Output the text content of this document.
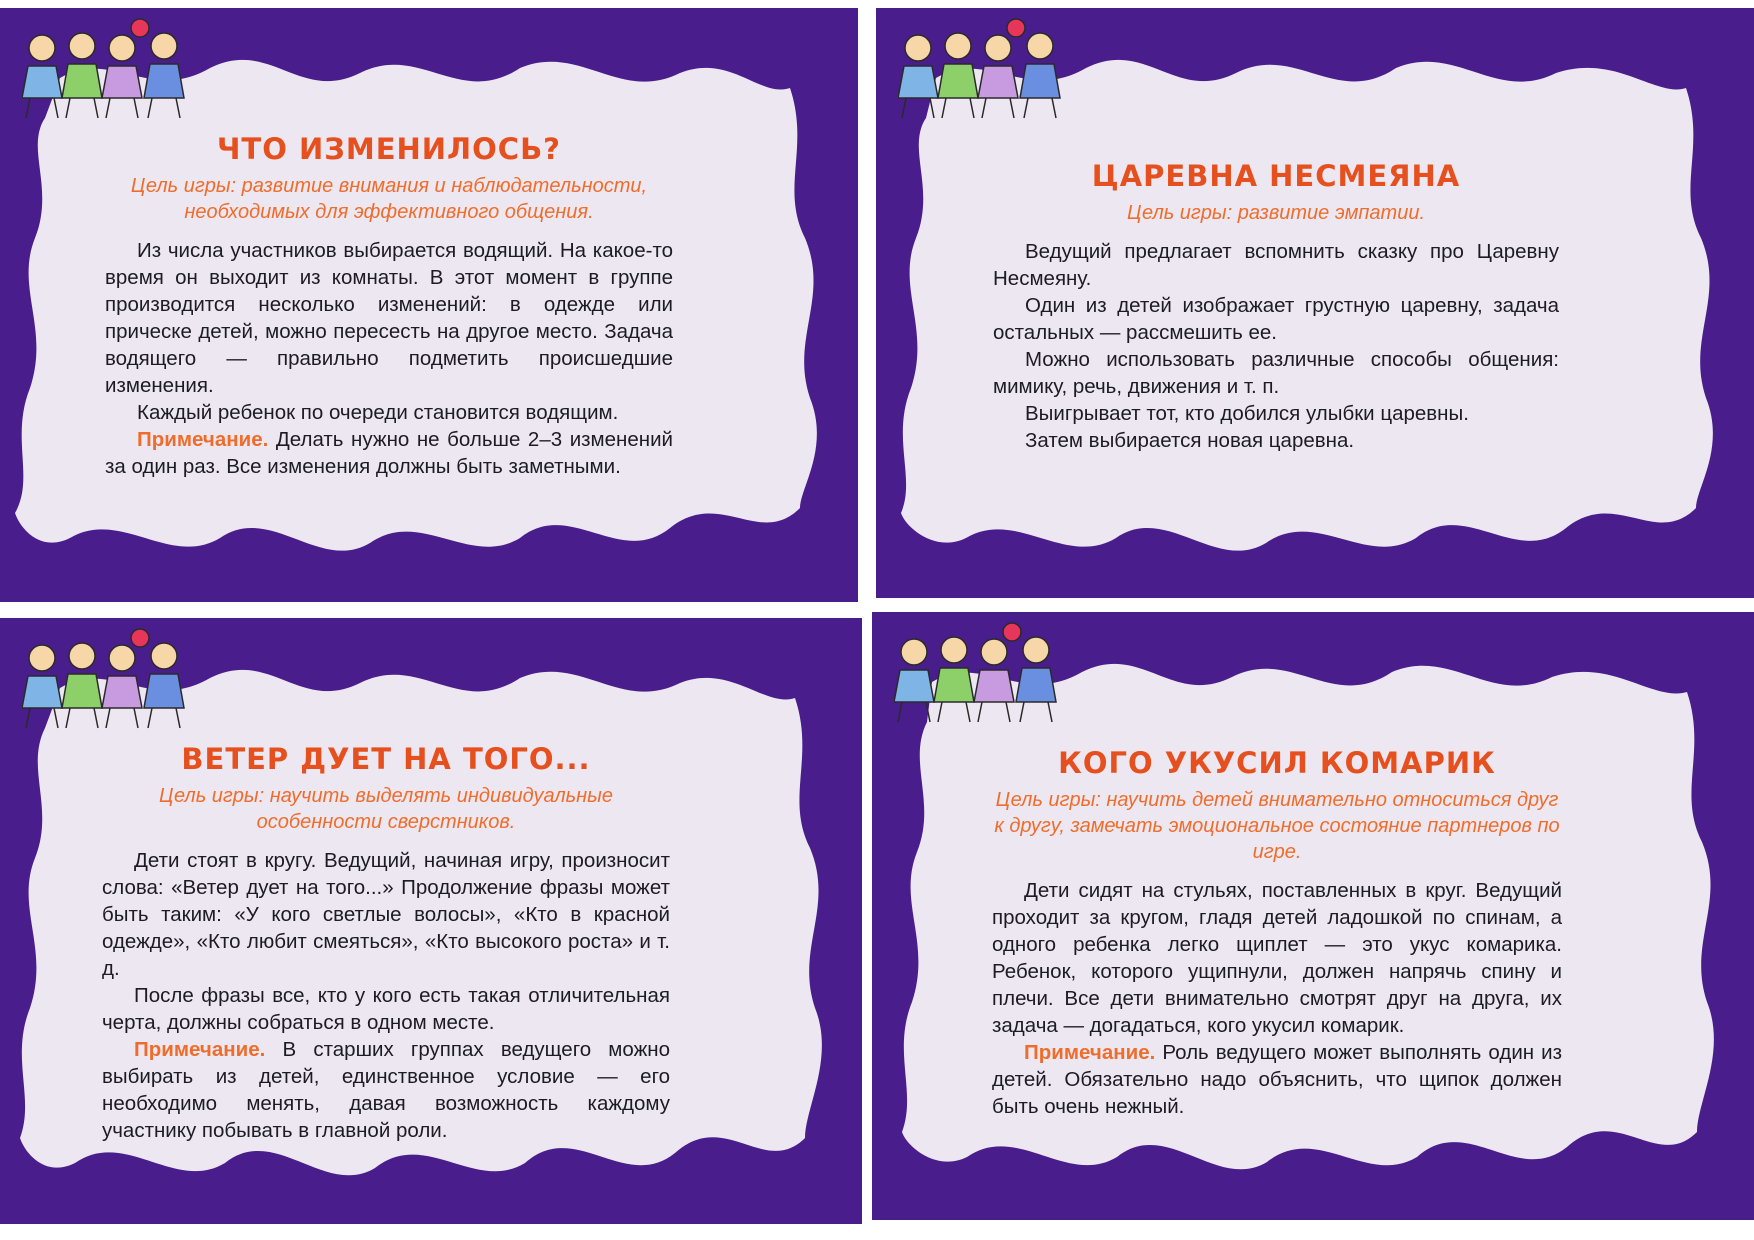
ЧТО ИЗМЕНИЛОСЬ?
Цель игры: развитие внимания и наблюдательности, необходимых для эффективного общения.

Из числа участников выбирается водящий. На какое-то время он выходит из комнаты. В этот момент в группе производится несколько изменений: в одежде или прическе детей, можно пересесть на другое место. Задача водящего — правильно подметить происшедшие изменения.

Каждый ребенок по очереди становится водящим.

Примечание. Делать нужно не больше 2–3 изменений за один раз. Все изменения должны быть заметными.

ЦАРЕВНА НЕСМЕЯНА
Цель игры: развитие эмпатии.

Ведущий предлагает вспомнить сказку про Царевну Несмеяну.

Один из детей изображает грустную царевну, задача остальных — рассмешить ее.

Можно использовать различные способы общения: мимику, речь, движения и т. п.

Выигрывает тот, кто добился улыбки царевны.

Затем выбирается новая царевна.

ВЕТЕР ДУЕТ НА ТОГО...
Цель игры: научить выделять индивидуальные особенности сверстников.

Дети стоят в кругу. Ведущий, начиная игру, произносит слова: «Ветер дует на того...» Продолжение фразы может быть таким: «У кого светлые волосы», «Кто в красной одежде», «Кто любит смеяться», «Кто высокого роста» и т. д.

После фразы все, кто у кого есть такая отличительная черта, должны собраться в одном месте.

Примечание. В старших группах ведущего можно выбирать из детей, единственное условие — его необходимо менять, давая возможность каждому участнику побывать в главной роли.

КОГО УКУСИЛ КОМАРИК
Цель игры: научить детей внимательно относиться друг к другу, замечать эмоциональное состояние партнеров по игре.

Дети сидят на стульях, поставленных в круг. Ведущий проходит за кругом, гладя детей ладошкой по спинам, а одного ребенка легко щиплет — это укус комарика. Ребенок, которого ущипнули, должен напрячь спину и плечи. Все дети внимательно смотрят друг на друга, их задача — догадаться, кого укусил комарик.

Примечание. Роль ведущего может выполнять один из детей. Обязательно надо объяснить, что щипок должен быть очень нежный.
